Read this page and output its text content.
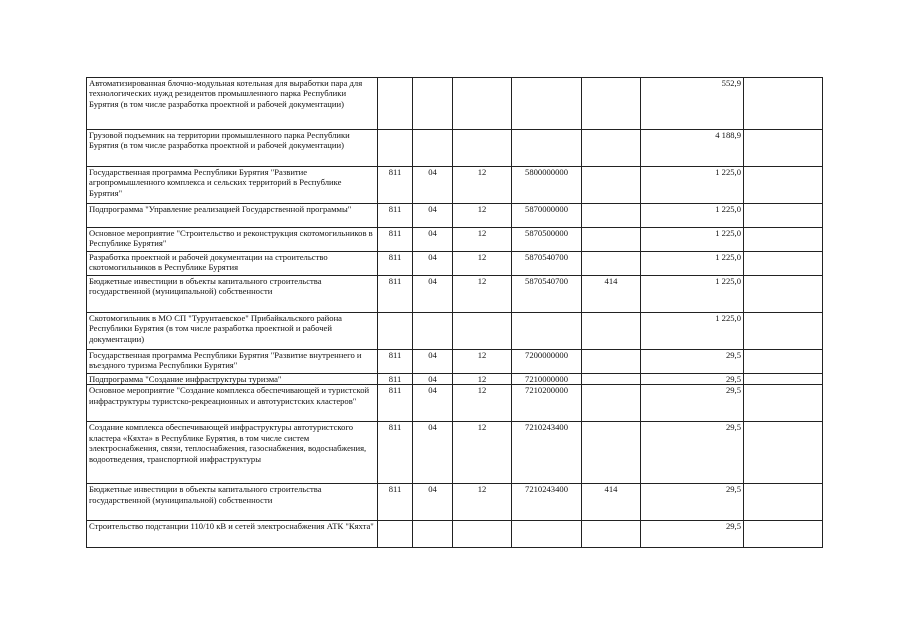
Автоматизированная блочно-модульная котельная для выработки пара для технологических нужд резидентов промышленного парка Республики Бурятия (в том числе разработка проектной и рабочей документации)						552,9	
Грузовой подъемник на территории промышленного парка Республики Бурятия (в том числе разработка проектной и рабочей документации)						4 188,9	
Государственная программа Республики Бурятия "Развитие агропромышленного комплекса и сельских территорий в Республике Бурятия"	811	04	12	5800000000		1 225,0	
Подпрограмма "Управление реализацией Государственной программы"	811	04	12	5870000000		1 225,0	
Основное мероприятие "Строительство и реконструкция скотомогильников в Республике Бурятия"	811	04	12	5870500000		1 225,0	
Разработка проектной и рабочей документации на строительство скотомогильников в Республике Бурятия	811	04	12	5870540700		1 225,0	
Бюджетные инвестиции в объекты капитального строительства государственной (муниципальной) собственности	811	04	12	5870540700	414	1 225,0	
Скотомогильник в МО СП "Турунтаевское" Прибайкальского района Республики Бурятия (в том числе разработка проектной и рабочей документации)						1 225,0	
Государственная программа Республики Бурятия "Развитие внутреннего и въездного туризма Республики Бурятия"	811	04	12	7200000000		29,5	
Подпрограмма "Создание инфраструктуры туризма"	811	04	12	7210000000		29,5	
Основное мероприятие "Создание комплекса обеспечивающей и туристской инфраструктуры туристско-рекреационных и автотуристских кластеров"	811	04	12	7210200000		29,5	
Создание комплекса обеспечивающей инфраструктуры автотуристского кластера «Кяхта» в Республике Бурятия, в том числе систем электроснабжения, связи, теплоснабжения, газоснабжения, водоснабжения, водоотведения, транспортной инфраструктуры	811	04	12	7210243400		29,5	
Бюджетные инвестиции в объекты капитального строительства государственной (муниципальной) собственности	811	04	12	7210243400	414	29,5	
Строительство подстанции 110/10 кВ и сетей электроснабжения АТК "Кяхта"						29,5	
